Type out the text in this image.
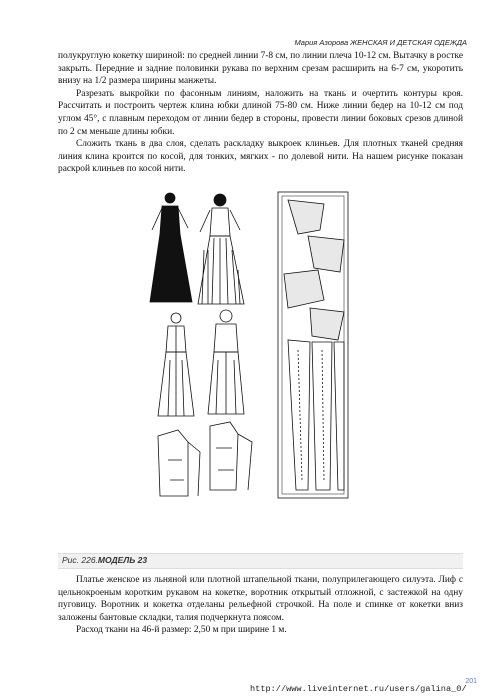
Мария Азорова ЖЕНСКАЯ И ДЕТСКАЯ ОДЕЖДА

полукруглую кокетку шириной: по средней линии 7-8 см, по линии плеча 10-12 см. Вытачку в ростке закрыть. Передние и задние половинки рукава по верхним срезам расширить на 6-7 см, укоротить внизу на 1/2 размера ширины манжеты.

Разрезать выкройки по фасонным линиям, наложить на ткань и очертить контуры кроя. Рассчитать и построить чертеж клина юбки длиной 75-80 см. Ниже линии бедер на 10-12 см под углом 45°, с плавным переходом от линии бедер в стороны, провести линии боковых срезов длиной по 2 см меньше длины юбки.

Сложить ткань в два слоя, сделать раскладку выкроек клиньев. Для плотных тканей средняя линия клина кроится по косой, для тонких, мягких - по долевой нити. На нашем рисунке показан раскрой клиньев по косой нити.

Рис. 226.МОДЕЛЬ 23

Платье женское из льняной или плотной штапельной ткани, полуприлегающего силуэта. Лиф с цельнокроеным коротким рукавом на кокетке, воротник открытый отложной, с застежкой на одну пуговицу. Воротник и кокетка отделаны рельефной строчкой. На поле и спинке от кокетки вниз заложены бантовые складки, талия подчеркнута поясом.

Расход ткани на 46-й размер: 2,50 м при ширине 1 м.

201
http://www.liveinternet.ru/users/galina_0/
